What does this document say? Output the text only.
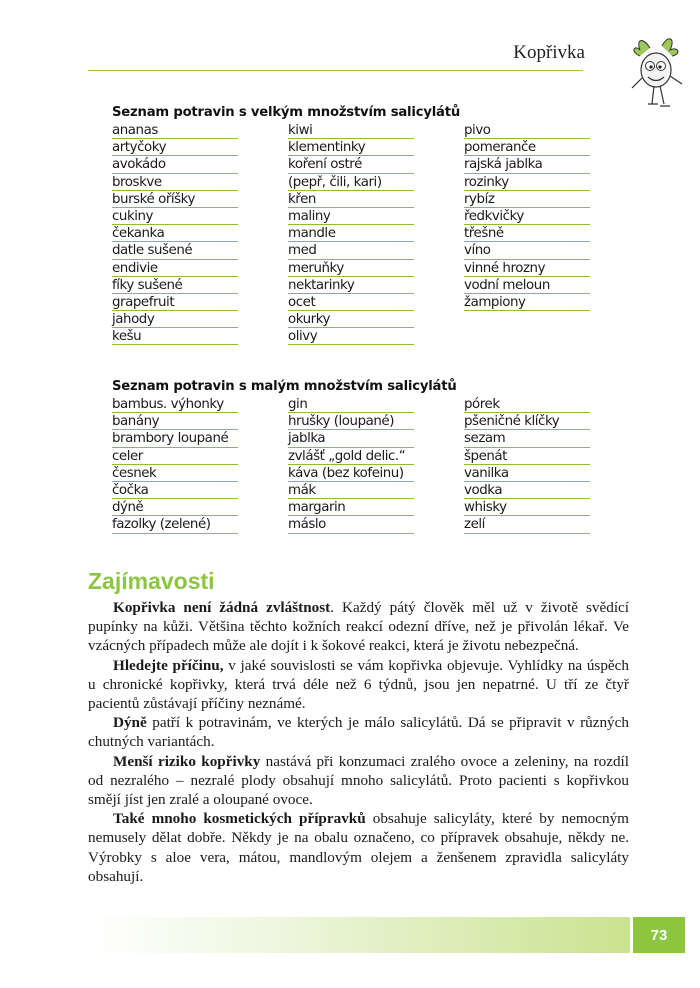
Kopřivka
Seznam potravin s velkým množstvím salicylátů
ananas
artyčoky
avokádo
broskve
burské oříšky
cukiny
čekanka
datle sušené
endivie
fíky sušené
grapefruit
jahody
kešu
kiwi
klementinky
koření ostré
(pepř, čili, kari)
křen
maliny
mandle
med
meruňky
nektarinky
ocet
okurky
olivy
pivo
pomeranče
rajská jablka
rozinky
rybíz
ředkvičky
třešně
víno
vinné hrozny
vodní meloun
žampiony
Seznam potravin s malým množstvím salicylátů
bambus. výhonky
banány
brambory loupané
celer
česnek
čočka
dýně
fazolky (zelené)
gin
hrušky (loupané)
jablka
zvlášť „gold delic.“
káva (bez kofeinu)
mák
margarin
máslo
pórek
pšeničné klíčky
sezam
špenát
vanilka
vodka
whisky
zelí
Zajímavosti

Kopřivka není žádná zvláštnost. Každý pátý člověk měl už v životě svědící pupínky na kůži. Většina těchto kožních reakcí odezní dříve, než je přivolán lékař. Ve vzácných případech může ale dojít i k šokové reakci, která je životu nebezpečná.

Hledejte příčinu, v jaké souvislosti se vám kopřivka objevuje. Vyhlídky na úspěch u chronické kopřivky, která trvá déle než 6 týdnů, jsou jen nepatrné. U tří ze čtyř pacientů zůstávají příčiny neznámé.

Dýně patří k potravinám, ve kterých je málo salicylátů. Dá se připravit v různých chutných variantách.

Menší riziko kopřivky nastává při konzumaci zralého ovoce a zeleniny, na rozdíl od nezralého – nezralé plody obsahují mnoho salicylátů. Proto pacienti s kopřivkou smějí jíst jen zralé a oloupané ovoce.

Také mnoho kosmetických přípravků obsahuje salicyláty, které by nemocným nemusely dělat dobře. Někdy je na obalu označeno, co přípravek obsahuje, někdy ne. Výrobky s aloe vera, mátou, mandlovým olejem a ženšenem zpravidla salicyláty obsahují.

73
